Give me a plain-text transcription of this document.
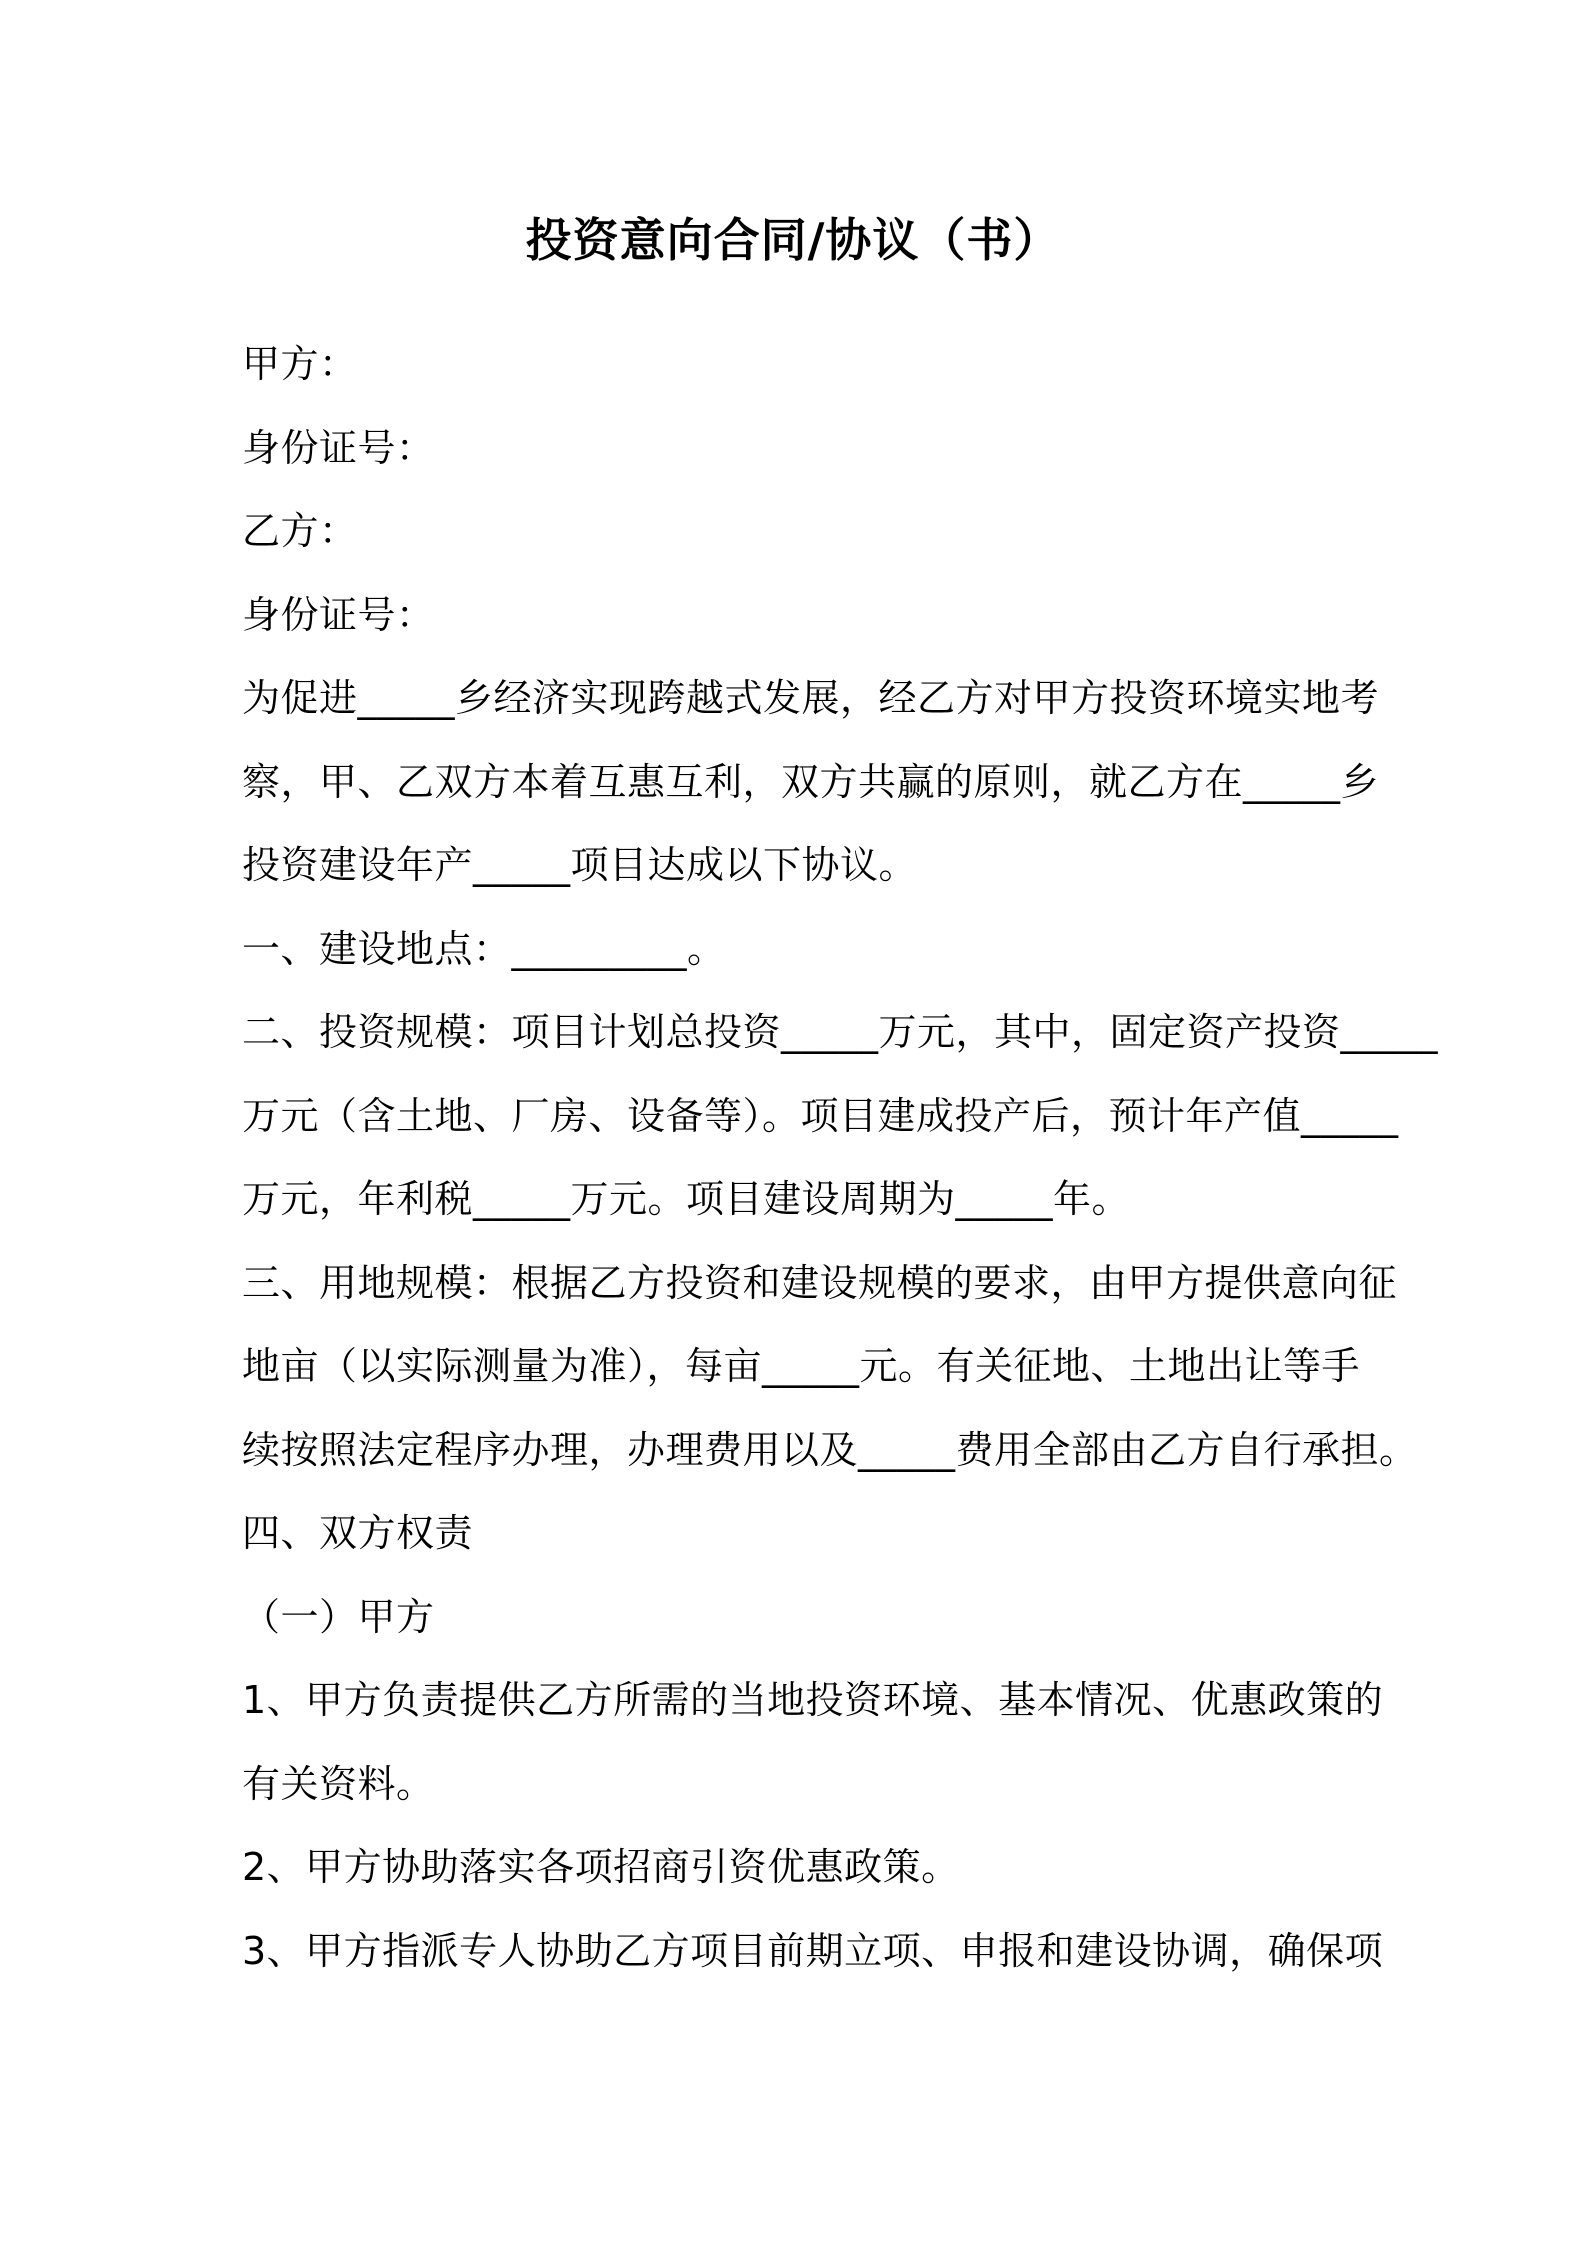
投资意向合同/协议（书）
甲方：
身份证号：
乙方：
身份证号：
为促进_____乡经济实现跨越式发展，经乙方对甲方投资环境实地考
察，甲、乙双方本着互惠互利，双方共赢的原则，就乙方在_____乡
投资建设年产_____项目达成以下协议。
一、建设地点：_________。
二、投资规模：项目计划总投资_____万元，其中，固定资产投资_____
万元（含土地、厂房、设备等）。项目建成投产后，预计年产值_____
万元，年利税_____万元。项目建设周期为_____年。
三、用地规模：根据乙方投资和建设规模的要求，由甲方提供意向征
地亩（以实际测量为准），每亩_____元。有关征地、土地出让等手
续按照法定程序办理，办理费用以及_____费用全部由乙方自行承担。
四、双方权责
（一）甲方
1、甲方负责提供乙方所需的当地投资环境、基本情况、优惠政策的
有关资料。
2、甲方协助落实各项招商引资优惠政策。
3、甲方指派专人协助乙方项目前期立项、申报和建设协调，确保项
